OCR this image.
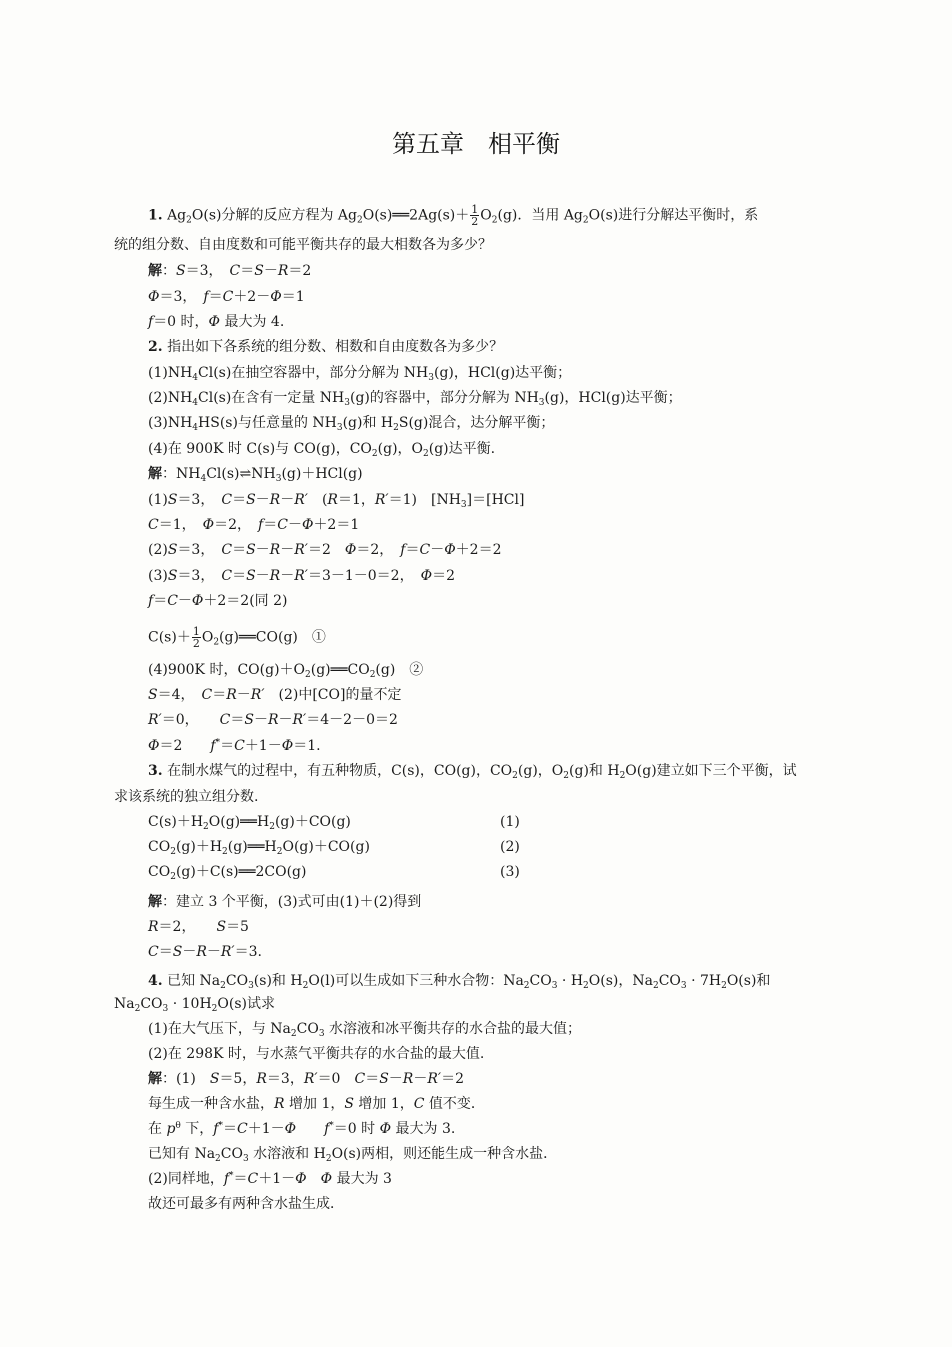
第五章　相平衡
1. $Ag_2O(s)$分解的反应方程为 $Ag_2O(s)══2Ag(s)+ \frac{1}{2} O_2(g)$．当用 $Ag_2O(s)$进行分解达平衡时，系
统的组分数、自由度数和可能平衡共存的最大相数各为多少？
解：S＝3，　C＝S－R＝2
Φ＝3，　f＝C＋2－Φ＝1
f＝0 时，Φ 最大为 4.
2. 指出如下各系统的组分数、相数和自由度数各为多少？
$(1)NH_4Cl(s)$在抽空容器中，部分分解为 $NH_3(g)$，HCl(g)达平衡；
$(2)NH_4Cl(s)$在含有一定量 $NH_3(g)$的容器中，部分分解为 $NH_3(g)$，HCl(g)达平衡；
$(3)NH_4HS(s)$与任意量的 $NH_3(g)$和 $H_2S(g)$混合，达分解平衡；
(4)在 900K 时 C(s)与 CO(g)，$CO_2(g)$，$O_2(g)$达平衡.
解：$NH_4Cl(s)\rightleftharpoons NH_3(g)+HCl(g)$
(1)S＝3，　C＝S－R－R′　(R＝1，R′＝1)　$[NH_3]=[HCl]$
C＝1，　Φ＝2，　f＝C－Φ＋2＝1
(2)S＝3，　C＝S－R－R′＝2　Φ＝2，　f＝C－Φ＋2＝2
(3)S＝3，　C＝S－R－R′＝3－1－0＝2，　Φ＝2
f＝C－Φ＋2＝2(同 2)
$C(s)+ \frac{1}{2}$ $O_2(g)══CO(g)$　①
(4)900K 时，$CO(g)+O_2(g)══CO_2(g)$　②
S＝4，　C＝R－R′　(2)中[CO]的量不定
R′＝0，　　C＝S－R－R′＝4－2－0＝2
Φ＝2　　f*＝C＋1－Φ＝1.
3. 在制水煤气的过程中，有五种物质，C(s)，CO(g)，$CO_2(g)$，$O_2(g)$和 $H_2O(g)$建立如下三个平衡，试
求该系统的独立组分数.
$C(s)+H_2O(g)══H_2(g)+CO(g)$
$CO_2(g)+H_2(g)══H_2O(g)+CO(g)$
$CO_2(g)+C(s)══2CO(g)$
解：建立 3 个平衡，(3)式可由(1)＋(2)得到
R＝2，　　S＝5
C＝S－R－R′＝3.
4. 已知 $Na_2CO_3(s)$和 $H_2O(l)$可以生成如下三种水合物：$Na_2CO_3 \cdot H_2O(s)$，$Na_2CO_3 \cdot 7H_2O(s)$和
$Na_2CO_3 \cdot 10H_2O(s)$试求
(1)在大气压下，与 $Na_2CO_3$ 水溶液和冰平衡共存的水合盐的最大值；
(2)在 298K 时，与水蒸气平衡共存的水合盐的最大值.
解：(1)　S＝5，R＝3，R′＝0　C＝S－R－R′＝2
每生成一种含水盐，R 增加 1，S 增加 1，C 值不变．
在 $p^\theta$ 下，f*＝C＋1－Φ　　 f*＝0 时 Φ 最大为 3.
已知有 $Na_2CO_3$ 水溶液和 $H_2O(s)$两相，则还能生成一种含水盐．
(2)同样地，f*＝C＋1－Φ　 Φ 最大为 3
故还可最多有两种含水盐生成．
(1)
(2)
(3)
